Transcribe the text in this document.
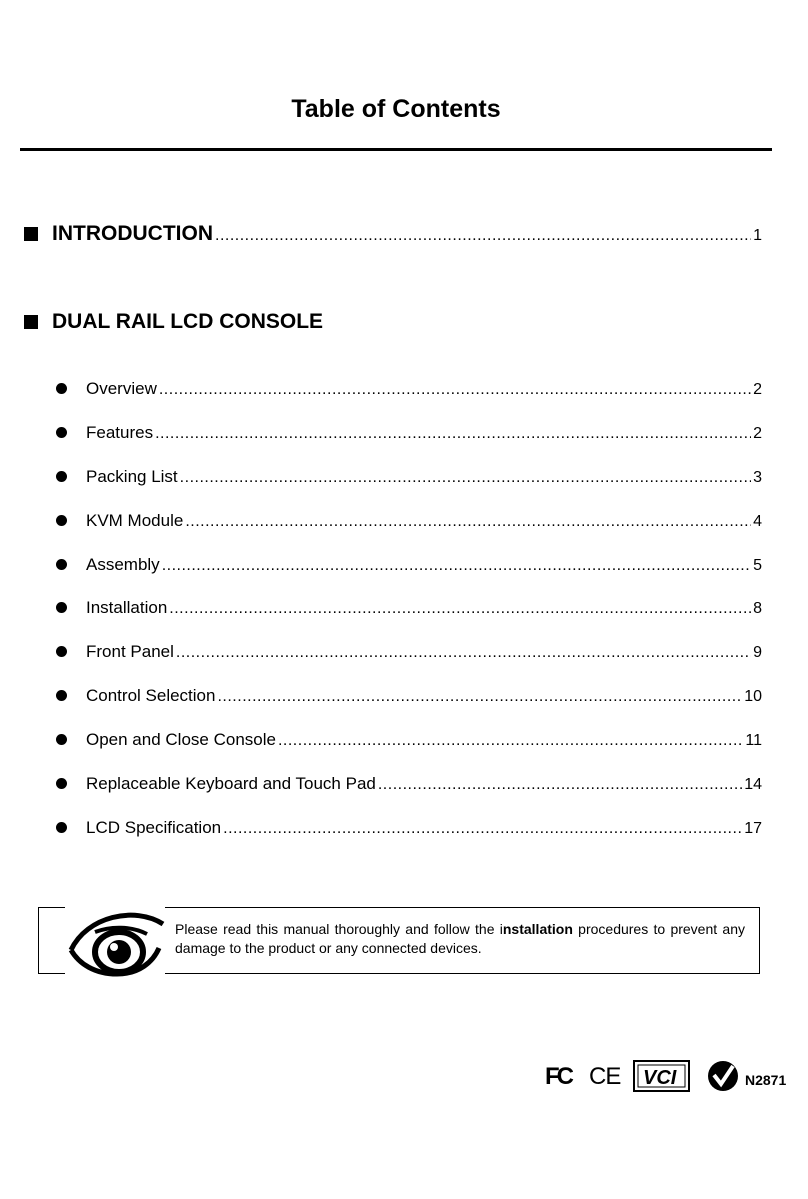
Table of Contents
INTRODUCTION .....	1
DUAL RAIL LCD CONSOLE
Overview .....	2
Features .....	2
Packing List .....	3
KVM Module .....	4
Assembly .....	5
Installation .....	8
Front Panel .....	9
Control Selection .....	10
Open and Close Console .....	11
Replaceable Keyboard and Touch Pad .....	14
LCD Specification .....	17
Please read this manual thoroughly and follow the installation procedures to prevent any damage to the product or any connected devices.
FC CE VCI	N2871
